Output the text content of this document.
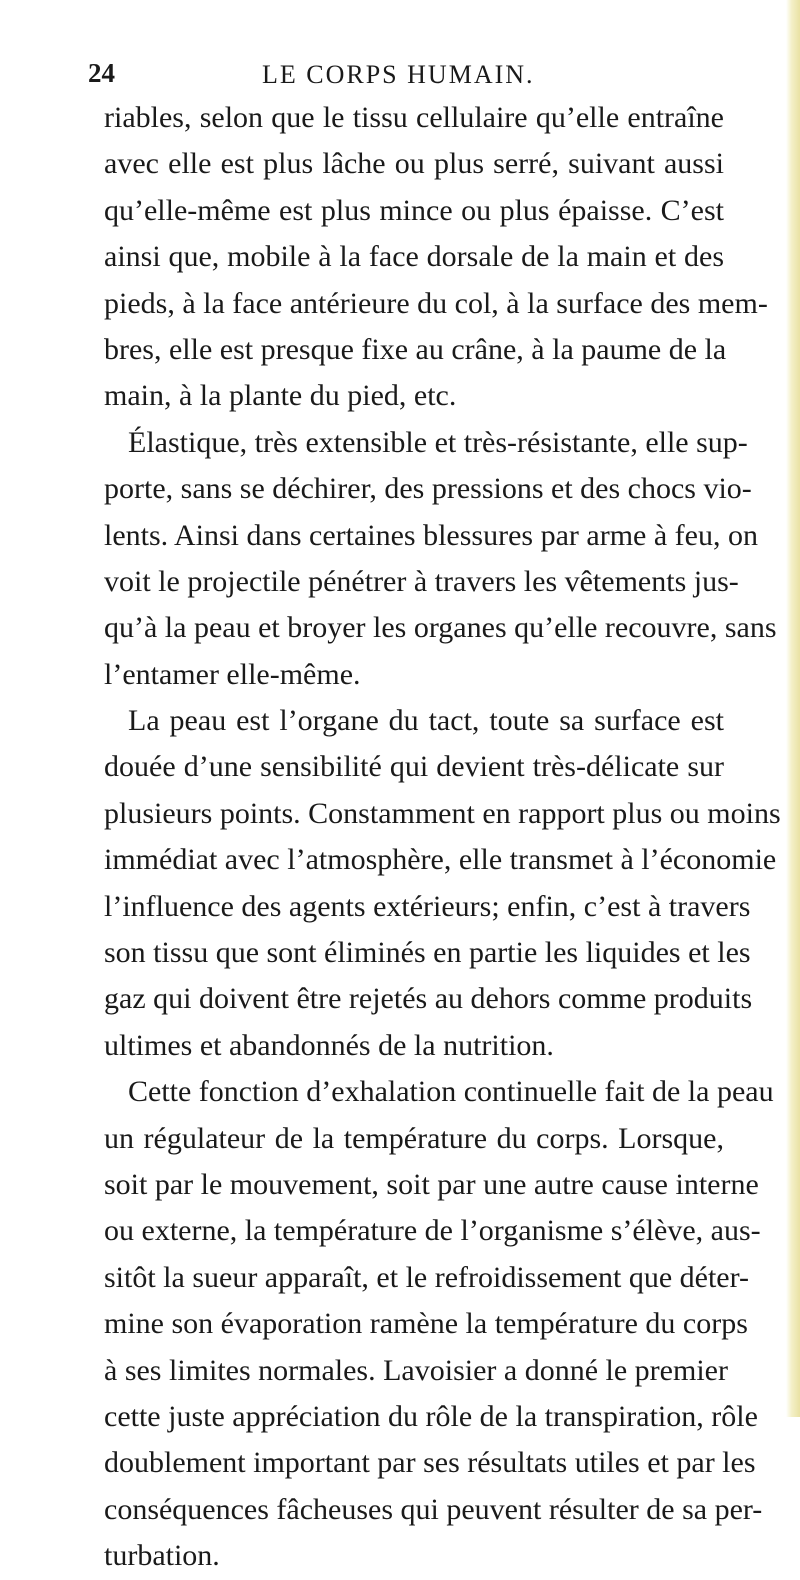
24	LE CORPS HUMAIN.
riables, selon que le tissu cellulaire qu’elle entraîne
avec elle est plus lâche ou plus serré, suivant aussi
qu’elle-même est plus mince ou plus épaisse. C’est
ainsi que, mobile à la face dorsale de la main et des
pieds, à la face antérieure du col, à la surface des mem-
bres, elle est presque fixe au crâne, à la paume de la
main, à la plante du pied, etc.
Élastique, très extensible et très-résistante, elle sup-
porte, sans se déchirer, des pressions et des chocs vio-
lents. Ainsi dans certaines blessures par arme à feu, on
voit le projectile pénétrer à travers les vêtements jus-
qu’à la peau et broyer les organes qu’elle recouvre, sans
l’entamer elle-même.
La peau est l’organe du tact, toute sa surface est
douée d’une sensibilité qui devient très-délicate sur
plusieurs points. Constamment en rapport plus ou moins
immédiat avec l’atmosphère, elle transmet à l’économie
l’influence des agents extérieurs; enfin, c’est à travers
son tissu que sont éliminés en partie les liquides et les
gaz qui doivent être rejetés au dehors comme produits
ultimes et abandonnés de la nutrition.
Cette fonction d’exhalation continuelle fait de la peau
un régulateur de la température du corps. Lorsque,
soit par le mouvement, soit par une autre cause interne
ou externe, la température de l’organisme s’élève, aus-
sitôt la sueur apparaît, et le refroidissement que déter-
mine son évaporation ramène la température du corps
à ses limites normales. Lavoisier a donné le premier
cette juste appréciation du rôle de la transpiration, rôle
doublement important par ses résultats utiles et par les
conséquences fâcheuses qui peuvent résulter de sa per-
turbation.
